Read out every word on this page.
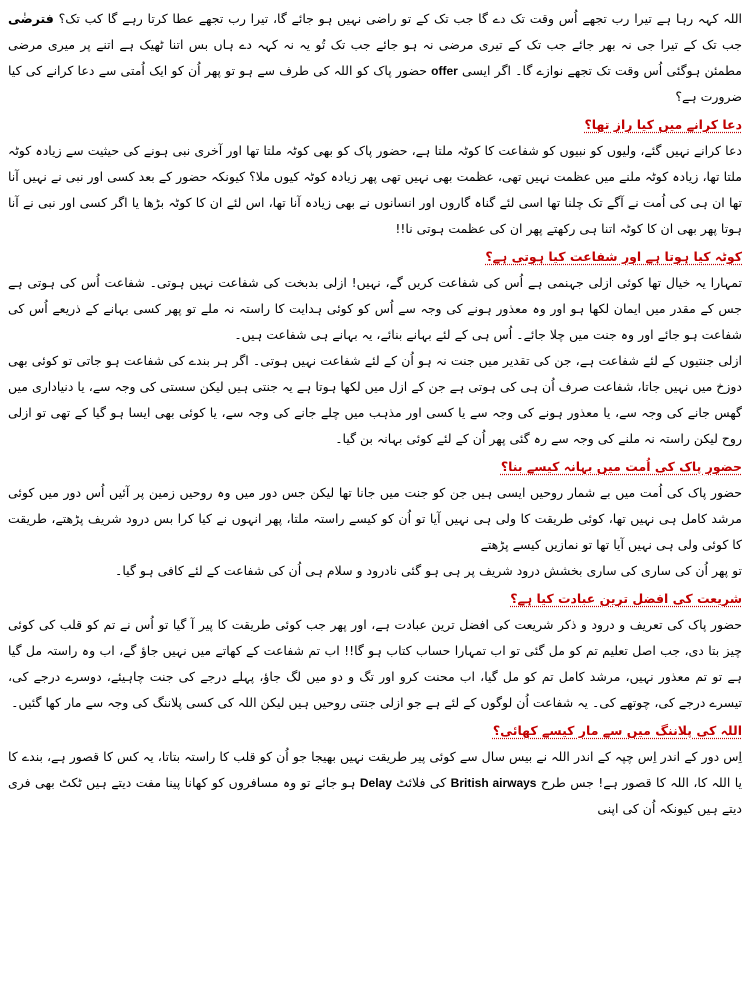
اللہ کہہ رہا ہے تیرا رب تجھے اُس وقت تک دے گا جب تک کے تو راضی نہیں ہو جائے گا، تیرا رب تجھے عطا کرتا رہے گا کب تک؟ فترضٰی جب تک کے تیرا جی نہ بھر جائے جب تک کے تیری مرضی نہ ہو جائے جب تک تُو یہ نہ کہہ دے ہاں بس اتنا ٹھیک ہے اتنے پر میری مرضی مطمئن ہوگئی اُس وقت تک تجھے نوازے گا۔ اگر ایسی offer حضور پاک کو اللہ کی طرف سے ہو تو پھر اُن کو ایک اُمتی سے دعا کرانے کی کیا ضرورت ہے؟

دعا کرانے میں کیا راز تھا؟

دعا کرانے نہیں گئے، ولیوں کو نبیوں کو شفاعت کا کوٹہ ملتا ہے، حضور پاک کو بھی کوٹہ ملتا تھا اور آخری نبی ہونے کی حیثیت سے زیادہ کوٹہ ملتا تھا، زیادہ کوٹہ ملنے میں عظمت نہیں تھی، عظمت بھی نہیں تھی پھر زیادہ کوٹہ کیوں ملا؟ کیونکہ حضور کے بعد کسی اور نبی نے نہیں آنا تھا ان ہی کی اُمت نے آگے تک چلنا تھا اسی لئے گناہ گاروں اور انسانوں نے بھی زیادہ آنا تھا، اس لئے ان کا کوٹہ بڑھا یا اگر کسی اور نبی نے آنا ہوتا پھر بھی ان کا کوٹہ اتنا ہی رکھتے پھر ان کی عظمت ہوتی نا!!

کوٹہ کیا ہوتا ہے اور شفاعت کیا ہوتی ہے؟

تمہارا یہ خیال تھا کوئی ازلی جہنمی ہے اُس کی شفاعت کریں گے، نہیں! ازلی بدبخت کی شفاعت نہیں ہوتی۔ شفاعت اُس کی ہوتی ہے جس کے مقدر میں ایمان لکھا ہو اور وہ معذور ہونے کی وجہ سے اُس کو کوئی ہدایت کا راستہ نہ ملے تو پھر کسی بہانے کے ذریعے اُس کی شفاعت ہو جائے اور وہ جنت میں چلا جائے۔ اُس ہی کے لئے بہانے بنائے، یہ بہانے ہی شفاعت ہیں۔

ازلی جنتیوں کے لئے شفاعت ہے، جن کی تقدیر میں جنت نہ ہو اُن کے لئے شفاعت نہیں ہوتی۔ اگر ہر بندے کی شفاعت ہو جاتی تو کوئی بھی دوزخ میں نہیں جاتا، شفاعت صرف اُن ہی کی ہوتی ہے جن کے ازل میں لکھا ہوتا ہے یہ جنتی ہیں لیکن سستی کی وجہ سے، یا دنیاداری میں گھس جانے کی وجہ سے، یا معذور ہونے کی وجہ سے یا کسی اور مذہب میں چلے جانے کی وجہ سے، یا کوئی بھی ایسا ہو گیا کے تھی تو ازلی روح لیکن راستہ نہ ملنے کی وجہ سے رہ گئی پھر اُن کے لئے کوئی بہانہ بن گیا۔

حضور پاک کی اُمت میں بہانہ کیسے بنا؟

حضور پاک کی اُمت میں بے شمار روحیں ایسی ہیں جن کو جنت میں جانا تھا لیکن جس دور میں وہ روحیں زمین پر آئیں اُس دور میں کوئی مرشد کامل ہی نہیں تھا، کوئی طریقت کا ولی ہی نہیں آیا تو اُن کو کیسے راستہ ملتا، پھر انہوں نے کیا کرا بس درود شریف پڑھتے، طریقت کا کوئی ولی ہی نہیں آیا تھا تو نمازیں کیسے پڑھتے

تو پھر اُن کی ساری کی ساری بخشش درود شریف پر ہی ہو گئی نادرود و سلام ہی اُن کی شفاعت کے لئے کافی ہو گیا۔

شریعت کی افضل ترین عبادت کیا ہے؟

حضور پاک کی تعریف و درود و ذکر شریعت کی افضل ترین عبادت ہے، اور پھر جب کوئی طریقت کا پیر آ گیا تو اُس نے تم کو قلب کی کوئی چیز بتا دی، جب اصل تعلیم تم کو مل گئی تو اب تمہارا حساب کتاب ہو گا!! اب تم شفاعت کے کھاتے میں نہیں جاؤ گے، اب وہ راستہ مل گیا ہے تو تم معذور نہیں، مرشد کامل تم کو مل گیا، اب محنت کرو اور تگ و دو میں لگ جاؤ، پہلے درجے کی جنت چاہیئے، دوسرے درجے کی، تیسرے درجے کی، چوتھے کی۔ یہ شفاعت اُن لوگوں کے لئے ہے جو ازلی جنتی روحیں ہیں لیکن اللہ کی کسی پلاننگ کی وجہ سے مار کھا گئیں۔

اللہ کی پلاننگ میں سے مار کیسے کھائی؟

اِس دور کے اندر اِس چپہ کے اندر اللہ نے بیس سال سے کوئی پیر طریقت نہیں بھیجا جو اُن کو قلب کا راستہ بتاتا، یہ کس کا قصور ہے، بندے کا یا اللہ کا، اللہ کا قصور ہے! جس طرح British airways کی فلائٹ Delay ہو جائے تو وہ مسافروں کو کھانا پینا مفت دیتے ہیں ٹکٹ بھی فری دیتے ہیں کیونکہ اُن کی اپنی
